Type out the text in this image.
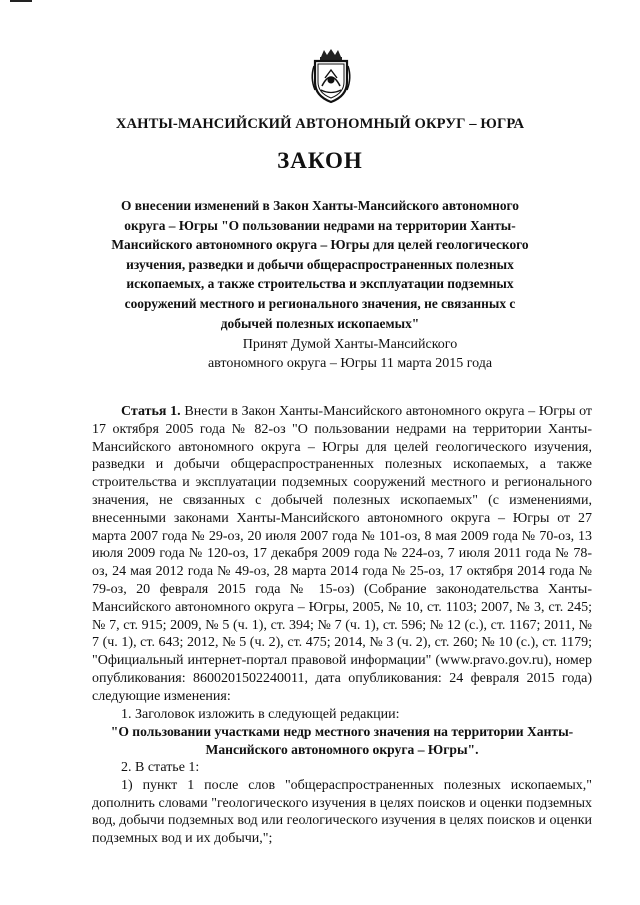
ХАНТЫ-МАНСИЙСКИЙ АВТОНОМНЫЙ ОКРУГ – ЮГРА
ЗАКОН
О внесении изменений в Закон Ханты-Мансийского автономного округа – Югры "О пользовании недрами на территории Ханты-Мансийского автономного округа – Югры для целей геологического изучения, разведки и добычи общераспространенных полезных ископаемых, а также строительства и эксплуатации подземных сооружений местного и регионального значения, не связанных с добычей полезных ископаемых"
Принят Думой Ханты-Мансийского
автономного округа – Югры 11 марта 2015 года

Статья 1. Внести в Закон Ханты-Мансийского автономного округа – Югры от 17 октября 2005 года № 82-оз "О пользовании недрами на территории Ханты-Мансийского автономного округа – Югры для целей геологического изучения, разведки и добычи общераспространенных полезных ископаемых, а также строительства и эксплуатации подземных сооружений местного и регионального значения, не связанных с добычей полезных ископаемых" (с изменениями, внесенными законами Ханты-Мансийского автономного округа – Югры от 27 марта 2007 года № 29-оз, 20 июля 2007 года № 101-оз, 8 мая 2009 года № 70-оз, 13 июля 2009 года № 120-оз, 17 декабря 2009 года № 224-оз, 7 июля 2011 года № 78-оз, 24 мая 2012 года № 49-оз, 28 марта 2014 года № 25-оз, 17 октября 2014 года № 79-оз, 20 февраля 2015 года № 15-оз) (Собрание законодательства Ханты-Мансийского автономного округа – Югры, 2005, № 10, ст. 1103; 2007, № 3, ст. 245; № 7, ст. 915; 2009, № 5 (ч. 1), ст. 394; № 7 (ч. 1), ст. 596; № 12 (с.), ст. 1167; 2011, № 7 (ч. 1), ст. 643; 2012, № 5 (ч. 2), ст. 475; 2014, № 3 (ч. 2), ст. 260; № 10 (с.), ст. 1179; "Официальный интернет-портал правовой информации" (www.pravo.gov.ru), номер опубликования: 8600201502240011, дата опубликования: 24 февраля 2015 года) следующие изменения:

1. Заголовок изложить в следующей редакции:

"О пользовании участками недр местного значения на территории Ханты-Мансийского автономного округа – Югры".

2. В статье 1:

1) пункт 1 после слов "общераспространенных полезных ископаемых," дополнить словами "геологического изучения в целях поисков и оценки подземных вод, добычи подземных вод или геологического изучения в целях поисков и оценки подземных вод и их добычи,";
